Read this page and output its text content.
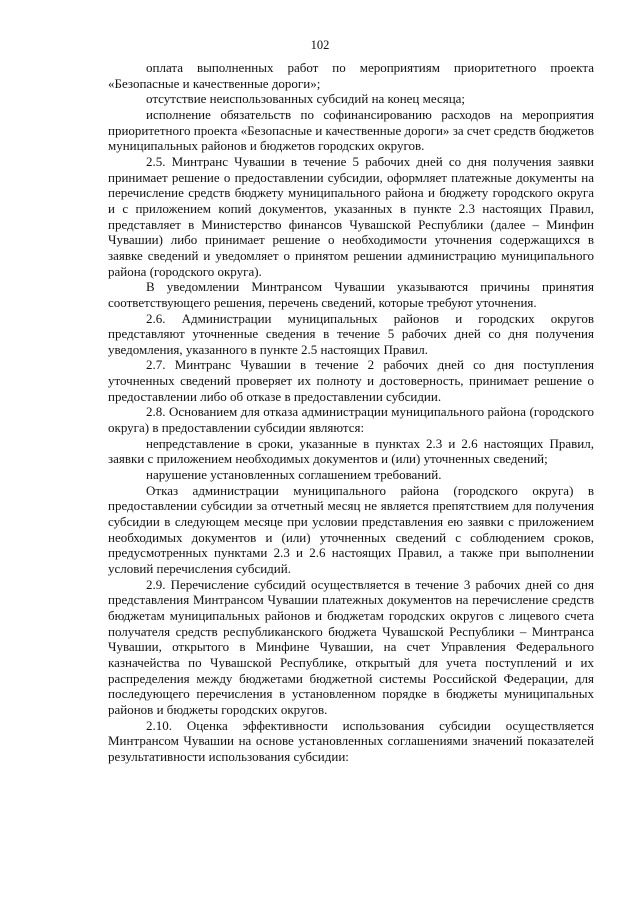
102

оплата выполненных работ по мероприятиям приоритетного проекта «Безопасные и качественные дороги»;

отсутствие неиспользованных субсидий на конец месяца;

исполнение обязательств по софинансированию расходов на мероприятия приоритетного проекта «Безопасные и качественные дороги» за счет средств бюджетов муниципальных районов и бюджетов городских округов.

2.5. Минтранс Чувашии в течение 5 рабочих дней со дня получения заявки принимает решение о предоставлении субсидии, оформляет платежные документы на перечисление средств бюджету муниципального района и бюджету городского округа и с приложением копий документов, указанных в пункте 2.3 настоящих Правил, представляет в Министерство финансов Чувашской Республики (далее – Минфин Чувашии) либо принимает решение о необходимости уточнения содержащихся в заявке сведений и уведомляет о принятом решении администрацию муниципального района (городского округа).

В уведомлении Минтрансом Чувашии указываются причины принятия соответствующего решения, перечень сведений, которые требуют уточнения.

2.6. Администрации муниципальных районов и городских округов представляют уточненные сведения в течение 5 рабочих дней со дня получения уведомления, указанного в пункте 2.5 настоящих Правил.

2.7. Минтранс Чувашии в течение 2 рабочих дней со дня поступления уточненных сведений проверяет их полноту и достоверность, принимает решение о предоставлении либо об отказе в предоставлении субсидии.

2.8. Основанием для отказа администрации муниципального района (городского округа) в предоставлении субсидии являются:

непредставление в сроки, указанные в пунктах 2.3 и 2.6 настоящих Правил, заявки с приложением необходимых документов и (или) уточненных сведений;

нарушение установленных соглашением требований.

Отказ администрации муниципального района (городского округа) в предоставлении субсидии за отчетный месяц не является препятствием для получения субсидии в следующем месяце при условии представления ею заявки с приложением необходимых документов и (или) уточненных сведений с соблюдением сроков, предусмотренных пунктами 2.3 и 2.6 настоящих Правил, а также при выполнении условий перечисления субсидий.

2.9. Перечисление субсидий осуществляется в течение 3 рабочих дней со дня представления Минтрансом Чувашии платежных документов на перечисление средств бюджетам муниципальных районов и бюджетам городских округов с лицевого счета получателя средств республиканского бюджета Чувашской Республики – Минтранса Чувашии, открытого в Минфине Чувашии, на счет Управления Федерального казначейства по Чувашской Республике, открытый для учета поступлений и их распределения между бюджетами бюджетной системы Российской Федерации, для последующего перечисления в установленном порядке в бюджеты муниципальных районов и бюджеты городских округов.

2.10. Оценка эффективности использования субсидии осуществляется Минтрансом Чувашии на основе установленных соглашениями значений показателей результативности использования субсидии:
